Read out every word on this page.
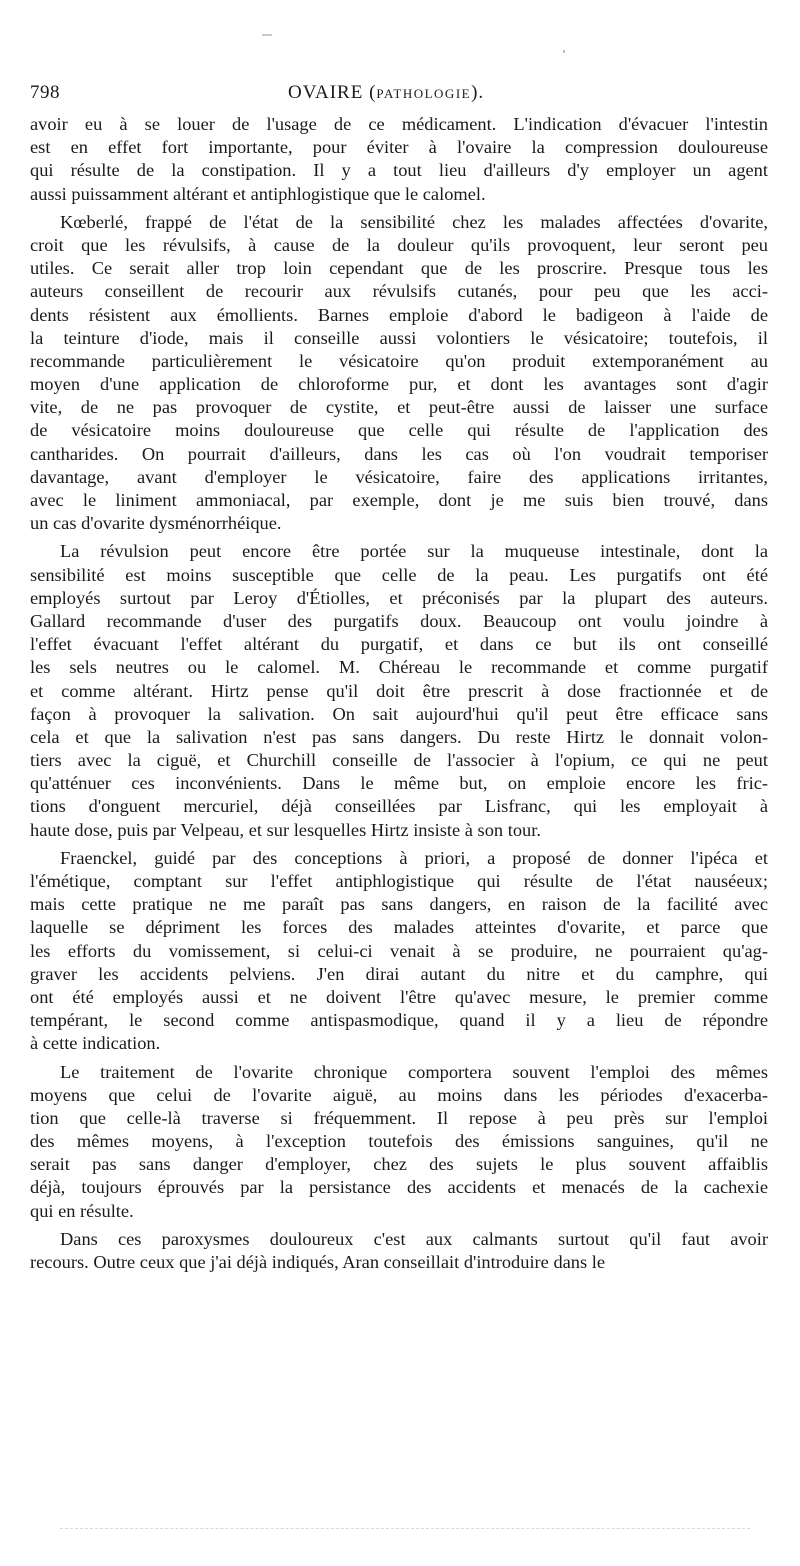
798	OVAIRE (PATHOLOGIE).
avoir eu à se louer de l'usage de ce médicament. L'indication d'évacuer l'intestin
est en effet fort importante, pour éviter à l'ovaire la compression douloureuse
qui résulte de la constipation. Il y a tout lieu d'ailleurs d'y employer un agent
aussi puissamment altérant et antiphlogistique que le calomel.
Kœberlé, frappé de l'état de la sensibilité chez les malades affectées d'ovarite,
croit que les révulsifs, à cause de la douleur qu'ils provoquent, leur seront peu
utiles. Ce serait aller trop loin cependant que de les proscrire. Presque tous les
auteurs conseillent de recourir aux révulsifs cutanés, pour peu que les acci-
dents résistent aux émollients. Barnes emploie d'abord le badigeon à l'aide de
la teinture d'iode, mais il conseille aussi volontiers le vésicatoire; toutefois, il
recommande particulièrement le vésicatoire qu'on produit extemporanément au
moyen d'une application de chloroforme pur, et dont les avantages sont d'agir
vite, de ne pas provoquer de cystite, et peut-être aussi de laisser une surface
de vésicatoire moins douloureuse que celle qui résulte de l'application des
cantharides. On pourrait d'ailleurs, dans les cas où l'on voudrait temporiser
davantage, avant d'employer le vésicatoire, faire des applications irritantes,
avec le liniment ammoniacal, par exemple, dont je me suis bien trouvé, dans
un cas d'ovarite dysménorrhéique.
La révulsion peut encore être portée sur la muqueuse intestinale, dont la
sensibilité est moins susceptible que celle de la peau. Les purgatifs ont été
employés surtout par Leroy d'Étiolles, et préconisés par la plupart des auteurs.
Gallard recommande d'user des purgatifs doux. Beaucoup ont voulu joindre à
l'effet évacuant l'effet altérant du purgatif, et dans ce but ils ont conseillé
les sels neutres ou le calomel. M. Chéreau le recommande et comme purgatif
et comme altérant. Hirtz pense qu'il doit être prescrit à dose fractionnée et de
façon à provoquer la salivation. On sait aujourd'hui qu'il peut être efficace sans
cela et que la salivation n'est pas sans dangers. Du reste Hirtz le donnait volon-
tiers avec la ciguë, et Churchill conseille de l'associer à l'opium, ce qui ne peut
qu'atténuer ces inconvénients. Dans le même but, on emploie encore les fric-
tions d'onguent mercuriel, déjà conseillées par Lisfranc, qui les employait à
haute dose, puis par Velpeau, et sur lesquelles Hirtz insiste à son tour.
Fraenckel, guidé par des conceptions à priori, a proposé de donner l'ipéca et
l'émétique, comptant sur l'effet antiphlogistique qui résulte de l'état nauséeux;
mais cette pratique ne me paraît pas sans dangers, en raison de la facilité avec
laquelle se dépriment les forces des malades atteintes d'ovarite, et parce que
les efforts du vomissement, si celui-ci venait à se produire, ne pourraient qu'ag-
graver les accidents pelviens. J'en dirai autant du nitre et du camphre, qui
ont été employés aussi et ne doivent l'être qu'avec mesure, le premier comme
tempérant, le second comme antispasmodique, quand il y a lieu de répondre
à cette indication.
Le traitement de l'ovarite chronique comportera souvent l'emploi des mêmes
moyens que celui de l'ovarite aiguë, au moins dans les périodes d'exacerba-
tion que celle-là traverse si fréquemment. Il repose à peu près sur l'emploi
des mêmes moyens, à l'exception toutefois des émissions sanguines, qu'il ne
serait pas sans danger d'employer, chez des sujets le plus souvent affaiblis
déjà, toujours éprouvés par la persistance des accidents et menacés de la cachexie
qui en résulte.
Dans ces paroxysmes douloureux c'est aux calmants surtout qu'il faut avoir
recours. Outre ceux que j'ai déjà indiqués, Aran conseillait d'introduire dans le
